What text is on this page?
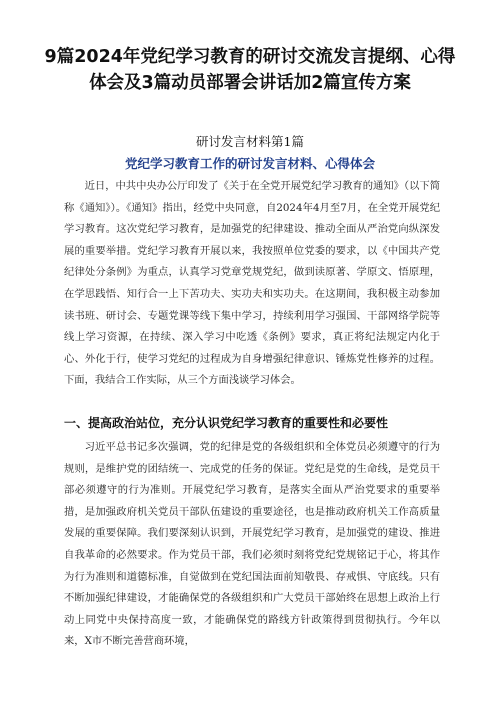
9篇2024年党纪学习教育的研讨交流发言提纲、心得
体会及3篇动员部署会讲话加2篇宣传方案
研讨发言材料第1篇
党纪学习教育工作的研讨发言材料、心得体会

近日，中共中央办公厅印发了《关于在全党开展党纪学习教育的通知》（以下简称《通知》）。《通知》指出，经党中央同意，自2024年4月至7月，在全党开展党纪学习教育。这次党纪学习教育，是加强党的纪律建设、推动全面从严治党向纵深发展的重要举措。党纪学习教育开展以来，我按照单位党委的要求，以《中国共产党纪律处分条例》为重点，认真学习党章党规党纪，做到读原著、学原文、悟原理，在学思践悟、知行合一上下苦功夫、实功夫和实功夫。在这期间，我积极主动参加读书班、研讨会、专题党课等线下集中学习，持续利用学习强国、干部网络学院等线上学习资源，在持续、深入学习中吃透《条例》要求，真正将纪法规定内化于心、外化于行，使学习党纪的过程成为自身增强纪律意识、锤炼党性修养的过程。下面，我结合工作实际，从三个方面浅谈学习体会。

一、提高政治站位，充分认识党纪学习教育的重要性和必要性

习近平总书记多次强调，党的纪律是党的各级组织和全体党员必须遵守的行为规则，是维护党的团结统一、完成党的任务的保证。党纪是党的生命线，是党员干部必须遵守的行为准则。开展党纪学习教育，是落实全面从严治党要求的重要举措，是加强政府机关党员干部队伍建设的重要途径，也是推动政府机关工作高质量发展的重要保障。我们要深刻认识到，开展党纪学习教育，是加强党的建设、推进自我革命的必然要求。作为党员干部，我们必须时刻将党纪党规铭记于心，将其作为行为准则和道德标准，自觉做到在党纪国法面前知敬畏、存戒惧、守底线。只有不断加强纪律建设，才能确保党的各级组织和广大党员干部始终在思想上政治上行动上同党中央保持高度一致，才能确保党的路线方针政策得到贯彻执行。今年以来，X市不断完善营商环境，
